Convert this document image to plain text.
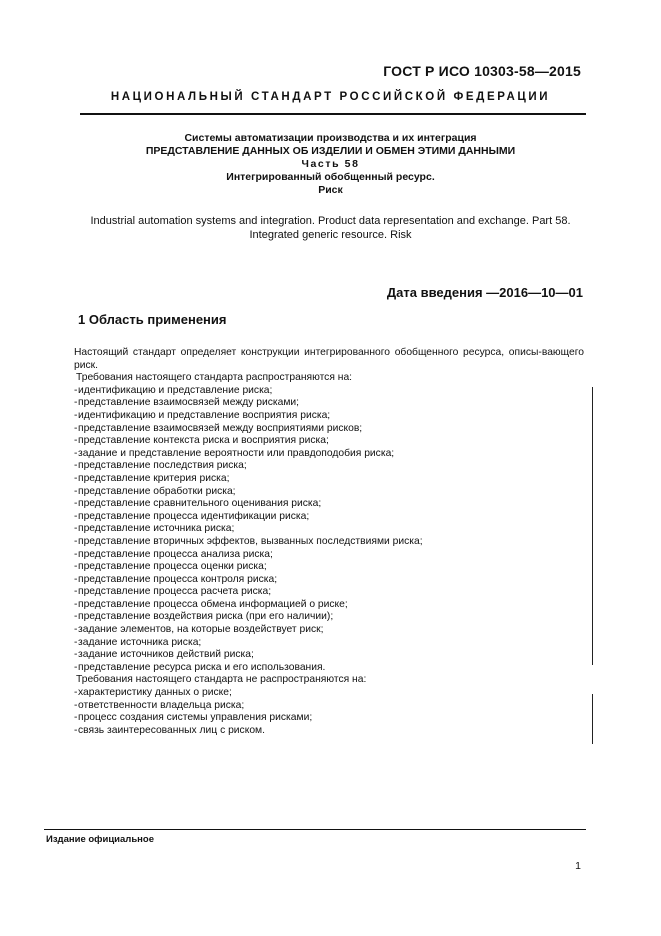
ГОСТ Р ИСО 10303-58—2015
НАЦИОНАЛЬНЫЙ СТАНДАРТ РОССИЙСКОЙ ФЕДЕРАЦИИ
Системы автоматизации производства и их интеграция
ПРЕДСТАВЛЕНИЕ ДАННЫХ ОБ ИЗДЕЛИИ И ОБМЕН ЭТИМИ ДАННЫМИ
Часть 58
Интегрированный обобщенный ресурс.
Риск
Industrial automation systems and integration. Product data representation and exchange. Part 58.
Integrated generic resource. Risk
Дата введения —2016—10—01
1 Область применения
Настоящий стандарт определяет конструкции интегрированного обобщенного ресурса, описы-вающего риск.
Требования настоящего стандарта распространяются на:
- идентификацию и представление риска;
- представление взаимосвязей между рисками;
- идентификацию и представление восприятия риска;
- представление взаимосвязей между восприятиями рисков;
- представление контекста риска и восприятия риска;
- задание и представление вероятности или правдоподобия риска;
- представление последствия риска;
- представление критерия риска;
- представление обработки риска;
- представление сравнительного оценивания риска;
- представление процесса идентификации риска;
- представление источника риска;
- представление вторичных эффектов, вызванных последствиями риска;
- представление процесса анализа риска;
- представление процесса оценки риска;
- представление процесса контроля риска;
- представление процесса расчета риска;
- представление процесса обмена информацией о риске;
- представление воздействия риска (при его наличии);
- задание элементов, на которые воздействует риск;
- задание источника риска;
- задание источников действий риска;
- представление ресурса риска и его использования.
Требования настоящего стандарта не распространяются на:
- характеристику данных о риске;
- ответственности владельца риска;
- процесс создания системы управления рисками;
- связь заинтересованных лиц с риском.
Издание официальное
1
